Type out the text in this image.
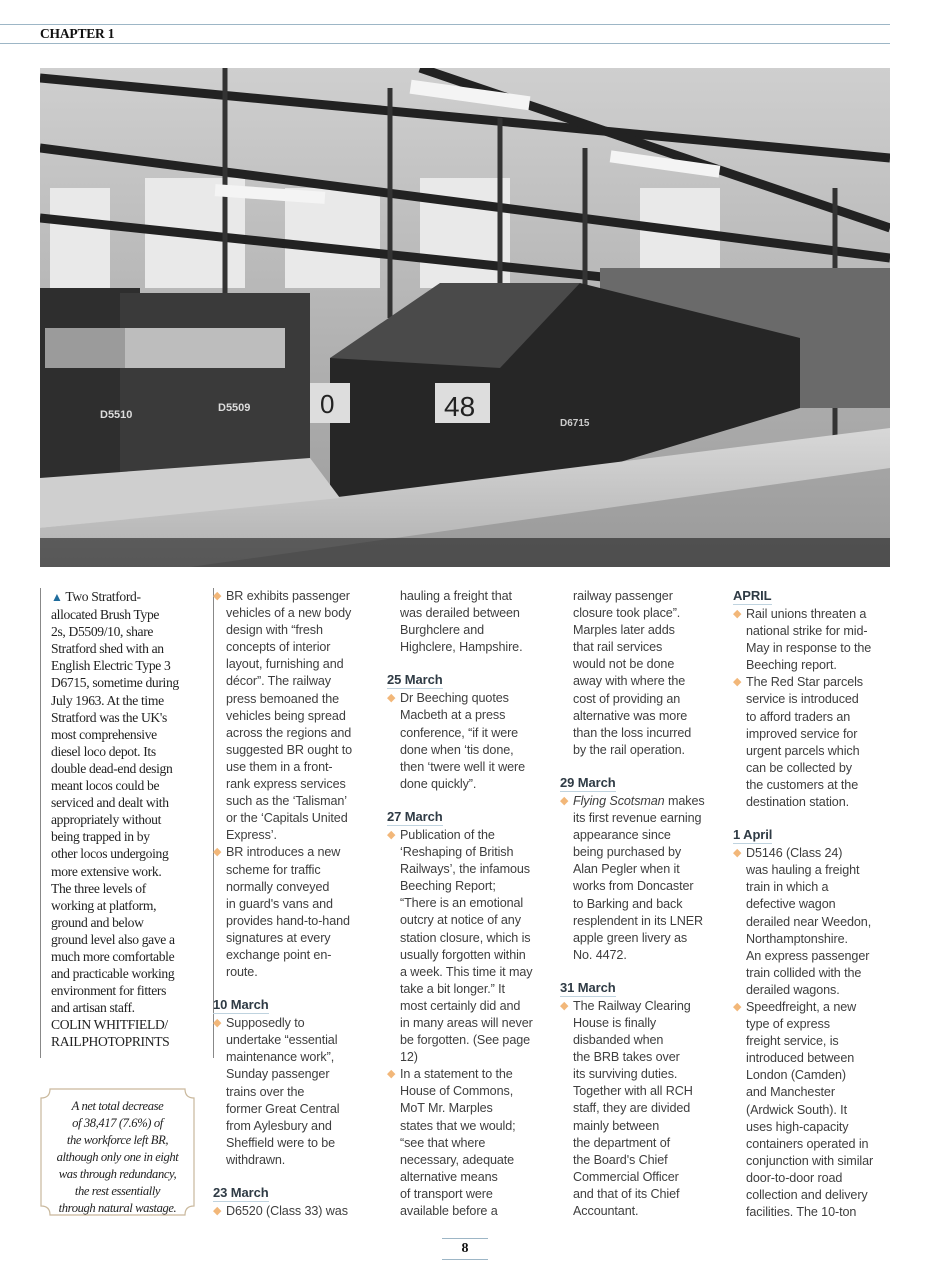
CHAPTER 1
D5510
D5509	0	48
D6715
▲ Two Stratford-
allocated Brush Type
2s, D5509/10, share
Stratford shed with an
English Electric Type 3
D6715, sometime during
July 1963. At the time
Stratford was the UK's
most comprehensive
diesel loco depot. Its
double dead-end design
meant locos could be
serviced and dealt with
appropriately without
being trapped in by
other locos undergoing
more extensive work.
The three levels of
working at platform,
ground and below
ground level also gave a
much more comfortable
and practicable working
environment for fitters
and artisan staff.
COLIN WHITFIELD/
RAILPHOTOPRINTS
A net total decrease
of 38,417 (7.6%) of
the workforce left BR,
although only one in eight
was through redundancy,
the rest essentially
through natural wastage.
◆ BR exhibits passenger
vehicles of a new body
design with “fresh
concepts of interior
layout, furnishing and
décor”. The railway
press bemoaned the
vehicles being spread
across the regions and
suggested BR ought to
use them in a front-
rank express services
such as the ‘Talisman’
or the ‘Capitals United
Express’.
◆ BR introduces a new
scheme for traffic
normally conveyed
in guard's vans and
provides hand-to-hand
signatures at every
exchange point en-
route.
10 March
◆ Supposedly to
undertake “essential
maintenance work”,
Sunday passenger
trains over the
former Great Central
from Aylesbury and
Sheffield were to be
withdrawn.
23 March
◆ D6520 (Class 33) was
hauling a freight that
was derailed between
Burghclere and
Highclere, Hampshire.
25 March
◆ Dr Beeching quotes
Macbeth at a press
conference, “if it were
done when ‘tis done,
then ‘twere well it were
done quickly”.
27 March
◆ Publication of the
‘Reshaping of British
Railways’, the infamous
Beeching Report;
“There is an emotional
outcry at notice of any
station closure, which is
usually forgotten within
a week. This time it may
take a bit longer.” It
most certainly did and
in many areas will never
be forgotten. (See page
12)
◆ In a statement to the
House of Commons,
MoT Mr. Marples
states that we would;
“see that where
necessary, adequate
alternative means
of transport were
available before a
railway passenger
closure took place”.
Marples later adds
that rail services
would not be done
away with where the
cost of providing an
alternative was more
than the loss incurred
by the rail operation.
29 March
◆ Flying Scotsman makes
its first revenue earning
appearance since
being purchased by
Alan Pegler when it
works from Doncaster
to Barking and back
resplendent in its LNER
apple green livery as
No. 4472.
31 March
◆ The Railway Clearing
House is finally
disbanded when
the BRB takes over
its surviving duties.
Together with all RCH
staff, they are divided
mainly between
the department of
the Board's Chief
Commercial Officer
and that of its Chief
Accountant.
APRIL
◆ Rail unions threaten a
national strike for mid-
May in response to the
Beeching report.
◆ The Red Star parcels
service is introduced
to afford traders an
improved service for
urgent parcels which
can be collected by
the customers at the
destination station.
1 April
◆ D5146 (Class 24)
was hauling a freight
train in which a
defective wagon
derailed near Weedon,
Northamptonshire.
An express passenger
train collided with the
derailed wagons.
◆ Speedfreight, a new
type of express
freight service, is
introduced between
London (Camden)
and Manchester
(Ardwick South). It
uses high-capacity
containers operated in
conjunction with similar
door-to-door road
collection and delivery
facilities. The 10-ton
8
